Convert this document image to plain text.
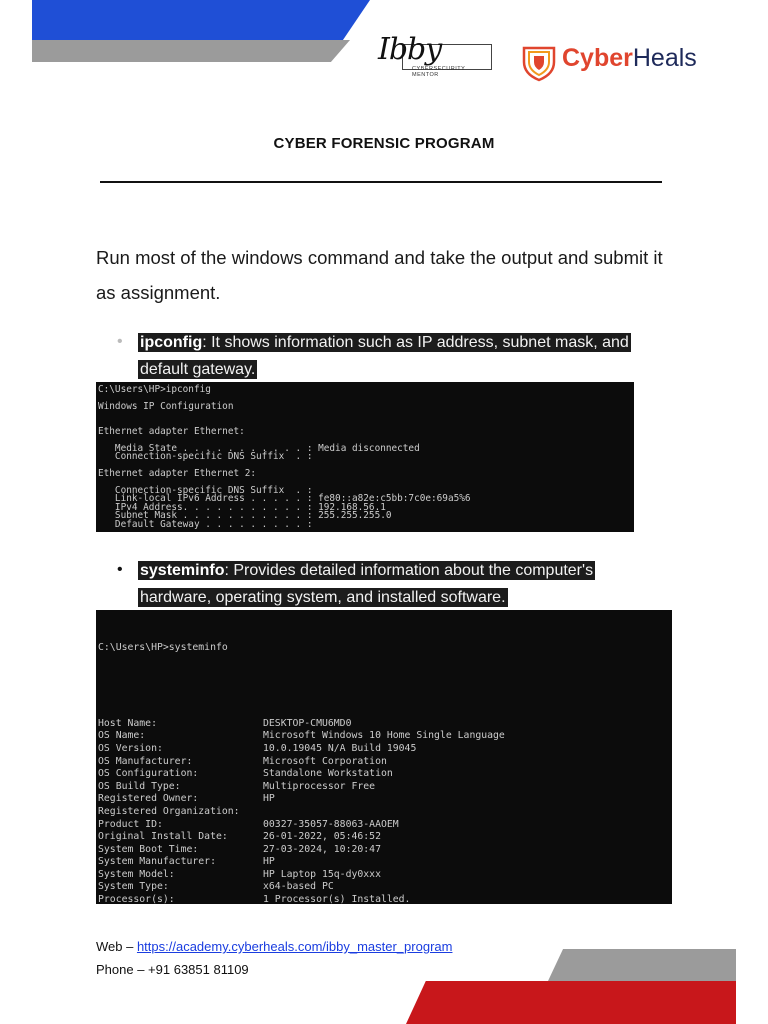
Ibby
CYBERSECURITY MENTOR
CyberHeals
CYBER FORENSIC PROGRAM
Run most of the windows command and take the output and submit it as assignment.
• ipconfig: It shows information such as IP address, subnet mask, and
default gateway.
C:\Users\HP>ipconfig

Windows IP Configuration

Ethernet adapter Ethernet:

Media State . . . . . . . . . . . : Media disconnected
Connection-specific DNS Suffix  . :

Ethernet adapter Ethernet 2:

Connection-specific DNS Suffix  . :
Link-local IPv6 Address . . . . . : fe80::a82e:c5bb:7c0e:69a5%6
IPv4 Address. . . . . . . . . . . : 192.168.56.1
Subnet Mask . . . . . . . . . . . : 255.255.255.0
Default Gateway . . . . . . . . . :
• systeminfo: Provides detailed information about the computer's
hardware, operating system, and installed software.

C:\Users\HP>systeminfo

Host Name:	DESKTOP-CMU6MD0
OS Name:	Microsoft Windows 10 Home Single Language
OS Version:	10.0.19045 N/A Build 19045
OS Manufacturer:	Microsoft Corporation
OS Configuration:	Standalone Workstation
OS Build Type:	Multiprocessor Free
Registered Owner:	HP
Registered Organization:
Product ID:	00327-35057-88063-AAOEM
Original Install Date:	26-01-2022, 05:46:52
System Boot Time:	27-03-2024, 10:20:47
System Manufacturer:	HP
System Model:	HP Laptop 15q-dy0xxx
System Type:	x64-based PC
Processor(s):	1 Processor(s) Installed.

Web – https://academy.cyberheals.com/ibby_master_program
Phone – +91 63851 81109
